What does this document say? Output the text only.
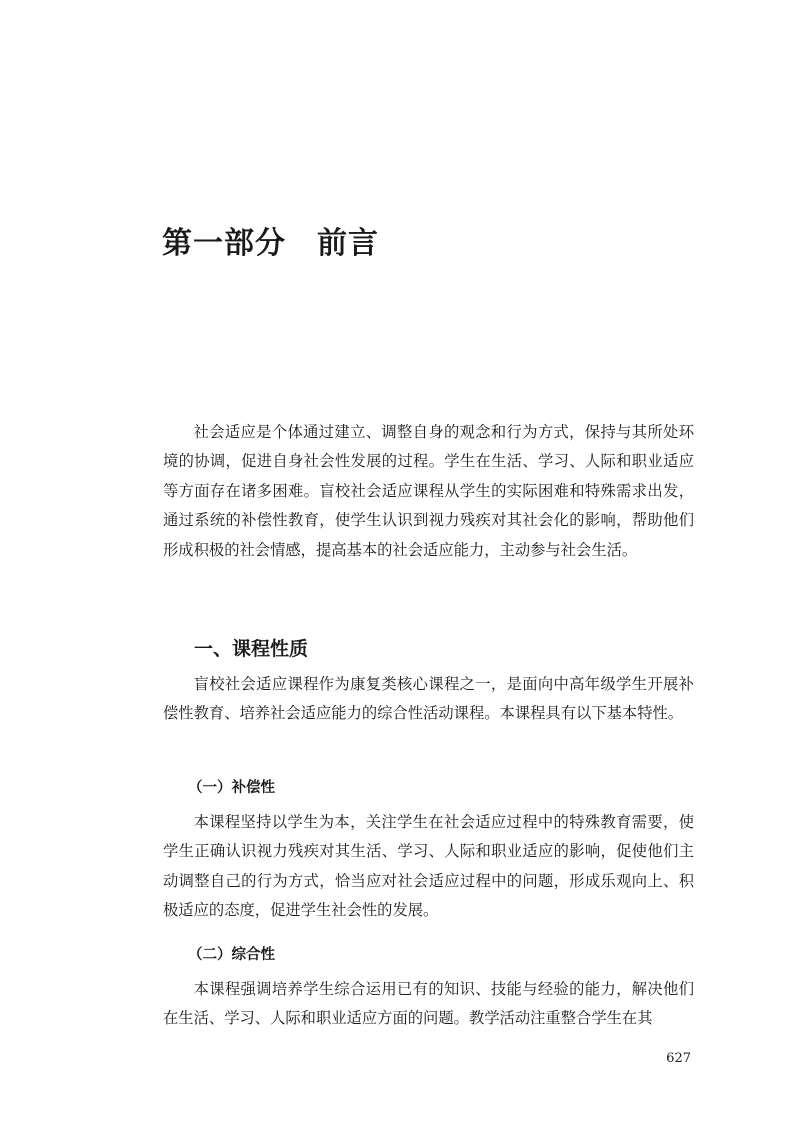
第一部分　前言

社会适应是个体通过建立、调整自身的观念和行为方式，保持与其所处环境的协调，促进自身社会性发展的过程。学生在生活、学习、人际和职业适应等方面存在诸多困难。盲校社会适应课程从学生的实际困难和特殊需求出发，通过系统的补偿性教育，使学生认识到视力残疾对其社会化的影响，帮助他们形成积极的社会情感，提高基本的社会适应能力，主动参与社会生活。

一、课程性质

盲校社会适应课程作为康复类核心课程之一，是面向中高年级学生开展补偿性教育、培养社会适应能力的综合性活动课程。本课程具有以下基本特性。

（一）补偿性

本课程坚持以学生为本，关注学生在社会适应过程中的特殊教育需要，使学生正确认识视力残疾对其生活、学习、人际和职业适应的影响，促使他们主动调整自己的行为方式，恰当应对社会适应过程中的问题，形成乐观向上、积极适应的态度，促进学生社会性的发展。

（二）综合性

本课程强调培养学生综合运用已有的知识、技能与经验的能力，解决他们在生活、学习、人际和职业适应方面的问题。教学活动注重整合学生在其

627
